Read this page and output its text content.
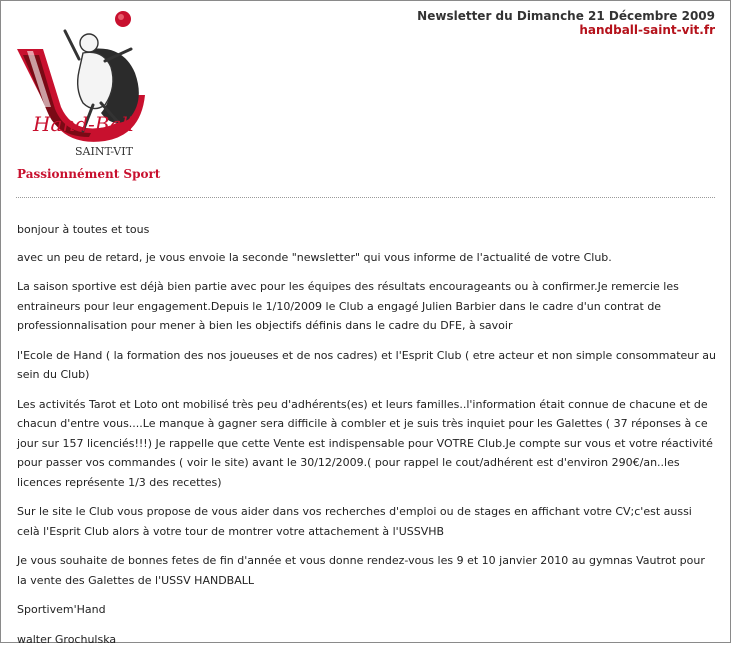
Hand-Ball
SAINT-VIT
Passionnément Sport
Newsletter du Dimanche 21 Décembre 2009
handball-saint-vit.fr

bonjour à toutes et tous

avec un peu de retard, je vous envoie la seconde "newsletter" qui vous informe de l'actualité de votre Club.

La saison sportive est déjà bien partie avec pour les équipes des résultats encourageants ou à confirmer.Je remercie les entraineurs pour leur engagement.Depuis le 1/10/2009 le Club a engagé Julien Barbier dans le cadre d'un contrat de professionnalisation pour mener à bien les objectifs définis dans le cadre du DFE, à savoir

l'Ecole de Hand ( la formation des nos joueuses et de nos cadres) et l'Esprit Club ( etre acteur et non simple consommateur au sein du Club)

Les activités Tarot et Loto ont mobilisé très peu d'adhérents(es) et leurs familles..l'information était connue de chacune et de chacun d'entre vous....Le manque à gagner sera difficile à combler et je suis très inquiet pour les Galettes ( 37 réponses à ce jour sur 157 licenciés!!!) Je rappelle que cette Vente est indispensable pour VOTRE Club.Je compte sur vous et votre réactivité pour passer vos commandes ( voir le site) avant le 30/12/2009.( pour rappel le cout/adhérent est d'environ 290€/an..les licences représente 1/3 des recettes)

Sur le site le Club vous propose de vous aider dans vos recherches d'emploi ou de stages en affichant votre CV;c'est aussi celà l'Esprit Club alors à votre tour de montrer votre attachement à l'USSVHB

Je vous souhaite de bonnes fetes de fin d'année et vous donne rendez-vous les 9 et 10 janvier 2010 au gymnas Vautrot pour la vente des Galettes de l'USSV HANDBALL

Sportivem'Hand

walter Grochulska
